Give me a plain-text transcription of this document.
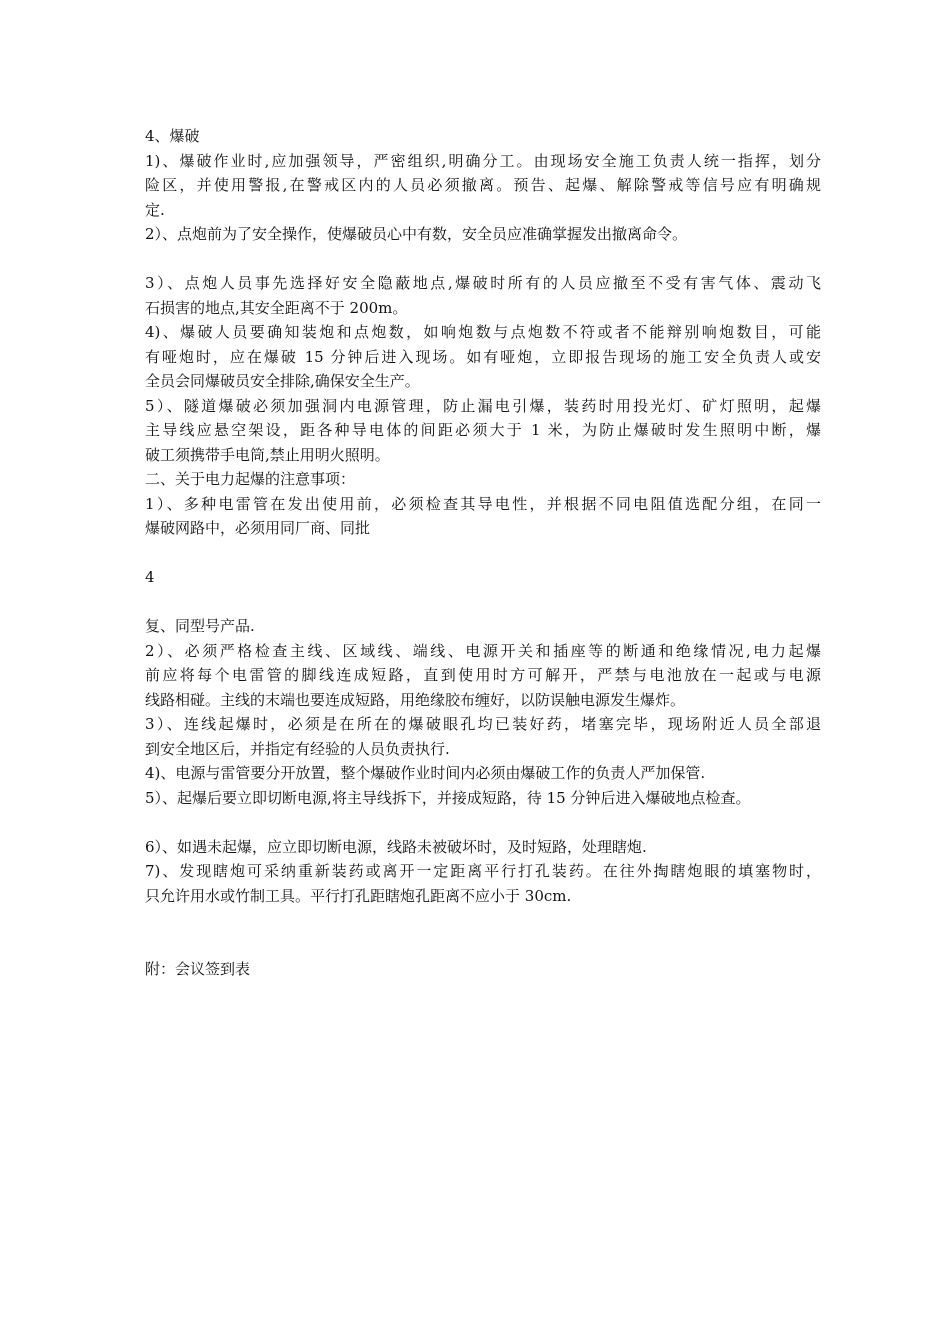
4、爆破
1)、爆破作业时,应加强领导，严密组织,明确分工。由现场安全施工负责人统一指挥，划分
险区，并使用警报,在警戒区内的人员必须撤离。预告、起爆、解除警戒等信号应有明确规
定.
2）、点炮前为了安全操作，使爆破员心中有数，安全员应准确掌握发出撤离命令。
3）、点炮人员事先选择好安全隐蔽地点,爆破时所有的人员应撤至不受有害气体、震动飞
石损害的地点,其安全距离不于 200m。
4)、爆破人员要确知装炮和点炮数，如响炮数与点炮数不符或者不能辩别响炮数目，可能
有哑炮时，应在爆破 15 分钟后进入现场。如有哑炮，立即报告现场的施工安全负责人或安
全员会同爆破员安全排除,确保安全生产。
5）、隧道爆破必须加强洞内电源管理，防止漏电引爆，装药时用投光灯、矿灯照明，起爆
主导线应悬空架设，距各种导电体的间距必须大于 1 米，为防止爆破时发生照明中断，爆
破工须携带手电筒,禁止用明火照明。
二、关于电力起爆的注意事项：
1）、多种电雷管在发出使用前，必须检查其导电性，并根据不同电阻值选配分组，在同一
爆破网路中，必须用同厂商、同批
4
复、同型号产品.
2）、必须严格检查主线、区域线、端线、电源开关和插座等的断通和绝缘情况,电力起爆
前应将每个电雷管的脚线连成短路，直到使用时方可解开，严禁与电池放在一起或与电源
线路相碰。主线的末端也要连成短路，用绝缘胶布缠好，以防误触电源发生爆炸。
3）、连线起爆时，必须是在所在的爆破眼孔均已装好药，堵塞完毕，现场附近人员全部退
到安全地区后，并指定有经验的人员负责执行.
4)、电源与雷管要分开放置，整个爆破作业时间内必须由爆破工作的负责人严加保管.
5）、起爆后要立即切断电源,将主导线拆下，并接成短路，待 15 分钟后进入爆破地点检查。
6）、如遇未起爆，应立即切断电源，线路未被破坏时，及时短路，处理瞎炮.
7)、发现瞎炮可采纳重新装药或离开一定距离平行打孔装药。在往外掏瞎炮眼的填塞物时，
只允许用水或竹制工具。平行打孔距瞎炮孔距离不应小于 30cm.
附：会议签到表
